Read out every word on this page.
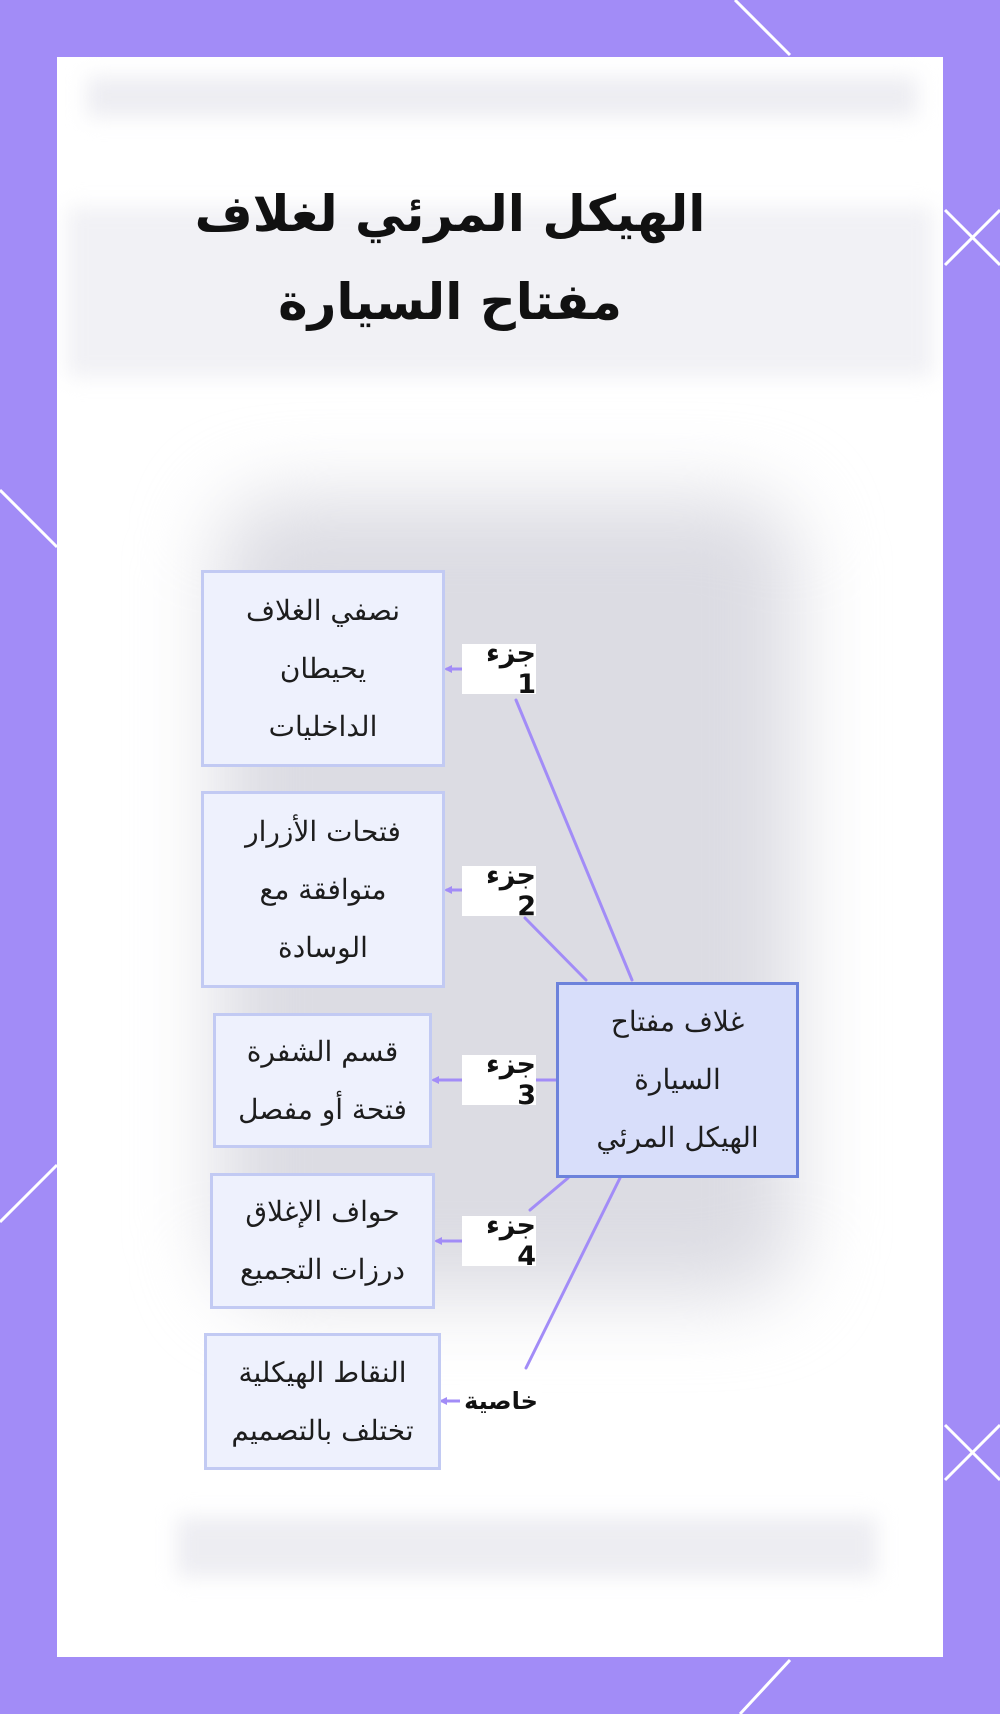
الهيكل المرئي لغلاف مفتاح السيارة
نصفي الغلاف
يحيطان
الداخليات
فتحات الأزرار
متوافقة مع
الوسادة
قسم الشفرة
فتحة أو مفصل
حواف الإغلاق
درزات التجميع
النقاط الهيكلية
تختلف بالتصميم
غلاف مفتاح
السيارة
الهيكل المرئي
جزء 1
جزء 2
جزء 3
جزء 4
خاصية
